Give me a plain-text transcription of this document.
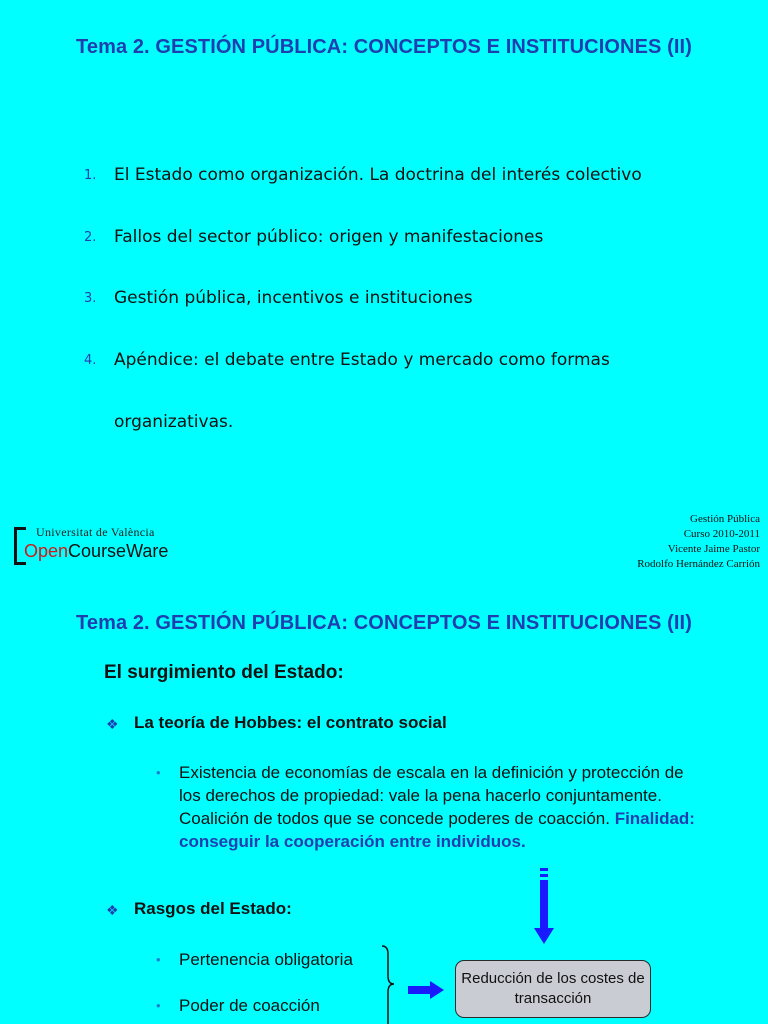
Tema 2. GESTIÓN PÚBLICA: CONCEPTOS E INSTITUCIONES (II)
1. El Estado como organización. La doctrina del interés colectivo
2. Fallos del sector público: origen y manifestaciones
3. Gestión pública, incentivos e instituciones
4. Apéndice: el debate entre Estado y mercado como formas
organizativas.
Universitat de València
OpenCourseWare
Gestión Pública
Curso 2010-2011
Vicente Jaime Pastor
Rodolfo Hernández Carrión
Tema 2. GESTIÓN PÚBLICA: CONCEPTOS E INSTITUCIONES (II)
El surgimiento del Estado:
❖ La teoría de Hobbes: el contrato social
• Existencia de economías de escala en la definición y protección de los derechos de propiedad: vale la pena hacerlo conjuntamente. Coalición de todos que se concede poderes de coacción. Finalidad: conseguir la cooperación entre individuos.
❖ Rasgos del Estado:
• Pertenencia obligatoria
• Poder de coacción
Reducción de los costes de transacción
